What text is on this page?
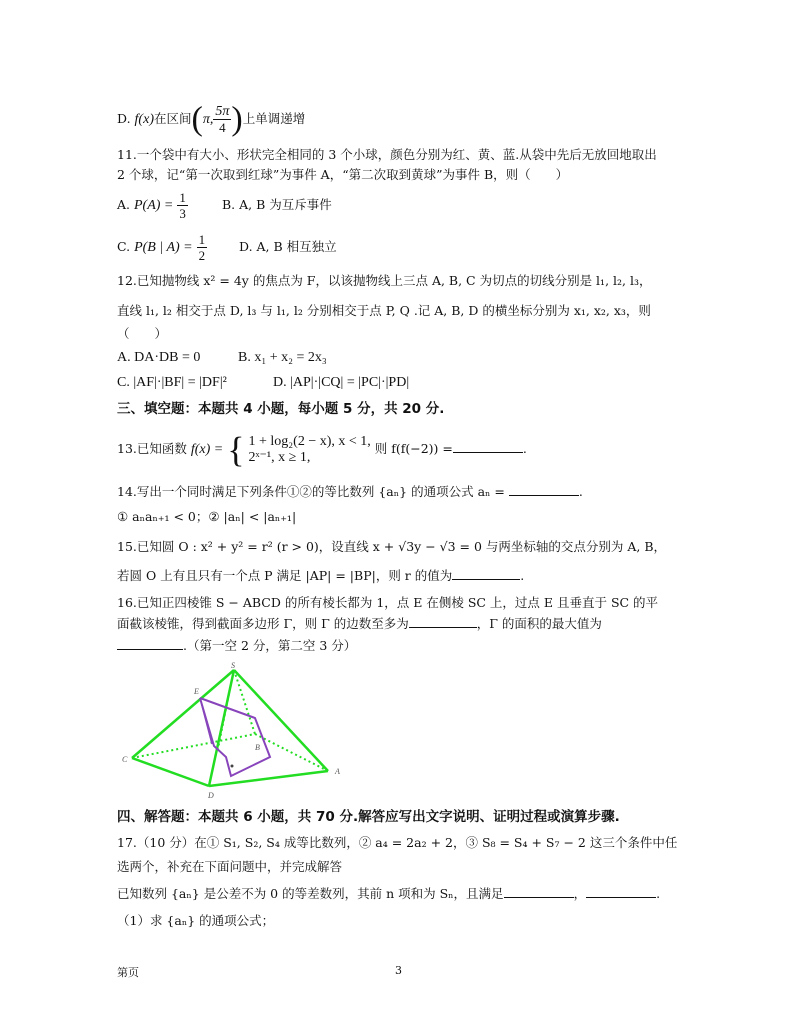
D. f(x)在区间(π, $\frac{5\pi}{4}$ )上单调递增
11.一个袋中有大小、形状完全相同的 3 个小球，颜色分别为红、黄、蓝.从袋中先后无放回地取出
2 个球，记“第一次取到红球”为事件 A，“第二次取到黄球”为事件 B，则（　　）
A. $P(A) = \frac{1}{3}$	B. A, B 为互斥事件
C. P(B | $A) = \frac{1}{2}$	D. A, B 相互独立
12.已知抛物线 x² = 4y 的焦点为 F，以该抛物线上三点 A, B, C 为切点的切线分别是 l₁, l₂, l₃，
直线 l₁, l₂ 相交于点 D, l₃ 与 l₁, l₂ 分别相交于点 P, Q .记 A, B, D 的横坐标分别为 x₁, x₂, x₃，则
（　　）
A. DA·DB = 0	B. x₁ + x₂ = 2x₃
C. |AF|·|BF| = |DF|²	D. |AP|·|CQ| = |PC|·|PD|
三、填空题：本题共 4 小题，每小题 5 分，共 20 分.
13.已知函数 f(x) = { 1 + log₂(2 − x), x < 1,
2ˣ⁻¹, x ≥ 1,
则 f(f(−2)) =	.
14.写出一个同时满足下列条件①②的等比数列 {aₙ} 的通项公式 aₙ =	.
① aₙaₙ₊₁ < 0；② |aₙ| < |aₙ₊₁|
15.已知圆 O : x² + y² = r² (r > 0)，设直线 x + √3y − √3 = 0 与两坐标轴的交点分别为 A, B，
若圆 O 上有且只有一个点 P 满足 |AP| = |BP|，则 r 的值为	.
16.已知正四棱锥 S − ABCD 的所有棱长都为 1，点 E 在侧棱 SC 上，过点 E 且垂直于 SC 的平
面截该棱锥，得到截面多边形 Γ，则 Γ 的边数至多为	，Γ 的面积的最大值为
.（第一空 2 分，第二空 3 分）
S
E
B
C
A
D
四、解答题：本题共 6 小题，共 70 分.解答应写出文字说明、证明过程或演算步骤.
17.（10 分）在① S₁, S₂, S₄ 成等比数列，② a₄ = 2a₂ + 2，③ S₈ = S₄ + S₇ − 2 这三个条件中任
选两个，补充在下面问题中，并完成解答
已知数列 {aₙ} 是公差不为 0 的等差数列，其前 n 项和为 Sₙ，且满足	，	.
（1）求 {aₙ} 的通项公式；
第页	3
